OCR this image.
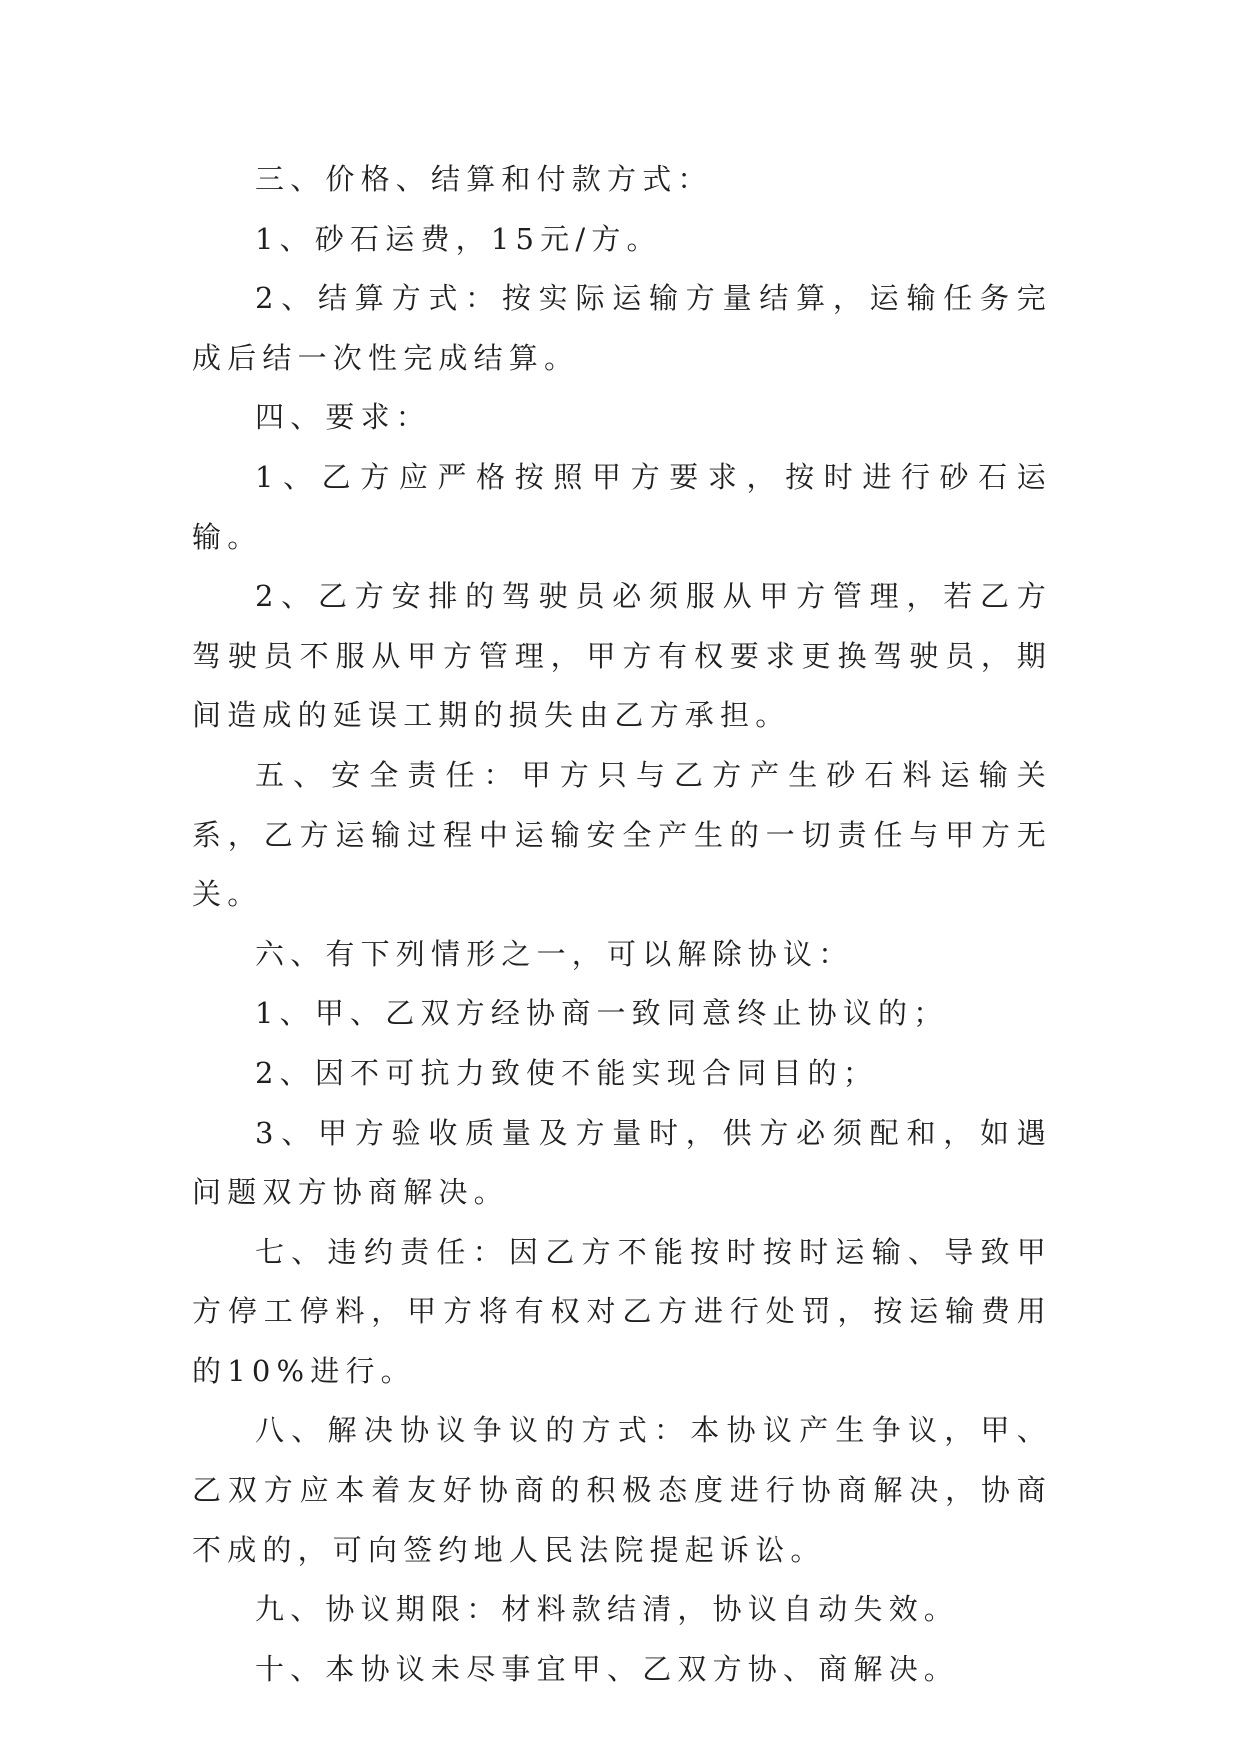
三、价格、结算和付款方式：

1、砂石运费，15元/方。

2、结算方式：按实际运输方量结算，运输任务完成后结一次性完成结算。

四、要求：

1、乙方应严格按照甲方要求，按时进行砂石运输。

2、乙方安排的驾驶员必须服从甲方管理，若乙方驾驶员不服从甲方管理，甲方有权要求更换驾驶员，期间造成的延误工期的损失由乙方承担。

五、安全责任：甲方只与乙方产生砂石料运输关系，乙方运输过程中运输安全产生的一切责任与甲方无关。

六、有下列情形之一，可以解除协议：

1、甲、乙双方经协商一致同意终止协议的；

2、因不可抗力致使不能实现合同目的；

3、甲方验收质量及方量时，供方必须配和，如遇问题双方协商解决。

七、违约责任：因乙方不能按时按时运输、导致甲方停工停料，甲方将有权对乙方进行处罚，按运输费用的10%进行。

八、解决协议争议的方式：本协议产生争议，甲、乙双方应本着友好协商的积极态度进行协商解决，协商不成的，可向签约地人民法院提起诉讼。

九、协议期限：材料款结清，协议自动失效。

十、本协议未尽事宜甲、乙双方协、商解决。
